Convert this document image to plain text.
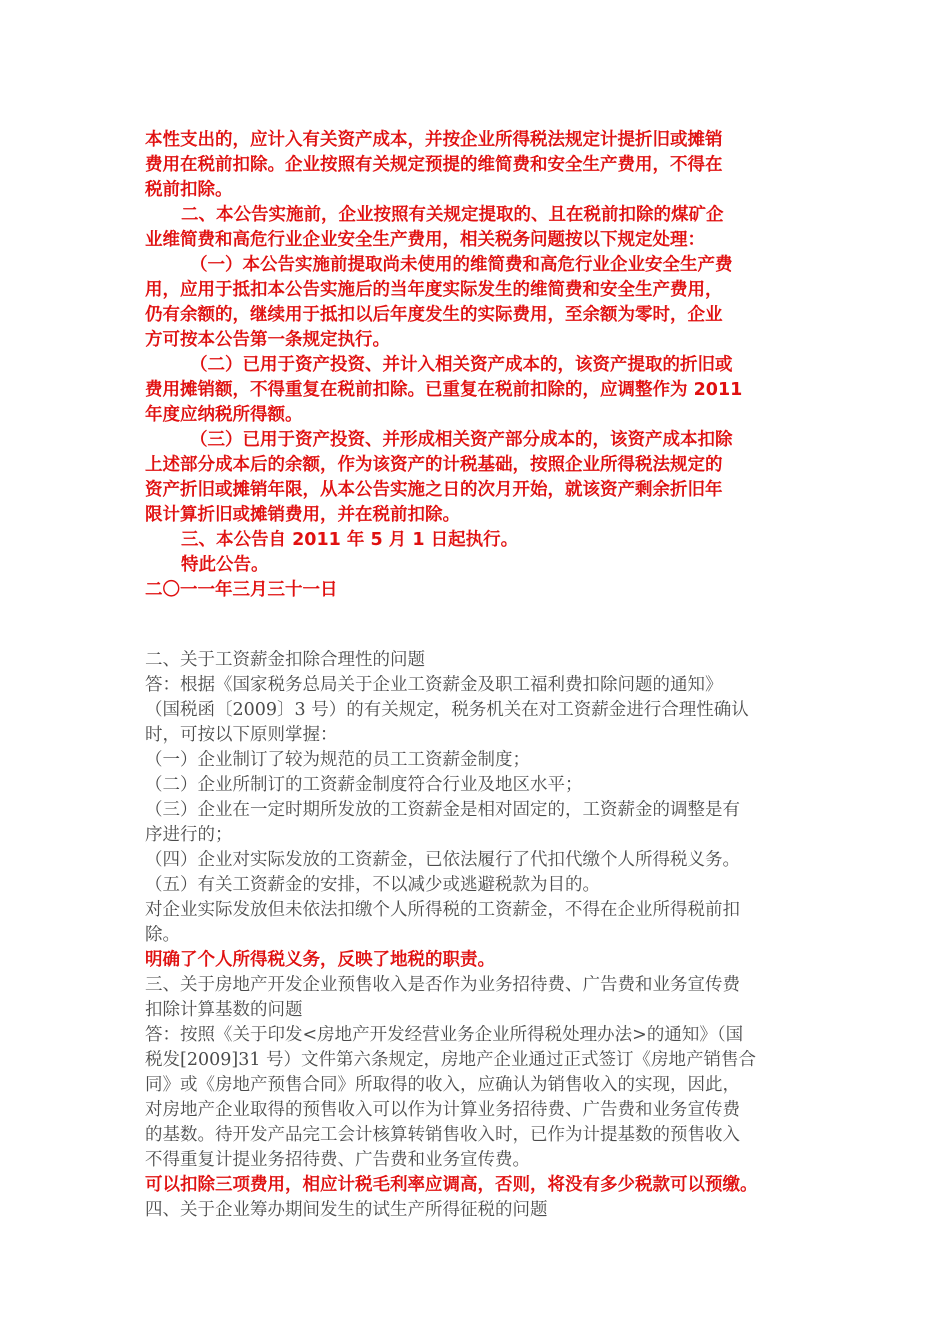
本性支出的，应计入有关资产成本，并按企业所得税法规定计提折旧或摊销
费用在税前扣除。企业按照有关规定预提的维简费和安全生产费用，不得在
税前扣除。
二、本公告实施前，企业按照有关规定提取的、且在税前扣除的煤矿企
业维简费和高危行业企业安全生产费用，相关税务问题按以下规定处理：
（一）本公告实施前提取尚未使用的维简费和高危行业企业安全生产费
用，应用于抵扣本公告实施后的当年度实际发生的维简费和安全生产费用，
仍有余额的，继续用于抵扣以后年度发生的实际费用，至余额为零时，企业
方可按本公告第一条规定执行。
（二）已用于资产投资、并计入相关资产成本的，该资产提取的折旧或
费用摊销额，不得重复在税前扣除。已重复在税前扣除的，应调整作为 2011
年度应纳税所得额。
（三）已用于资产投资、并形成相关资产部分成本的，该资产成本扣除
上述部分成本后的余额，作为该资产的计税基础，按照企业所得税法规定的
资产折旧或摊销年限，从本公告实施之日的次月开始，就该资产剩余折旧年
限计算折旧或摊销费用，并在税前扣除。
三、本公告自 2011 年 5 月 1 日起执行。
特此公告。
二〇一一年三月三十一日
二、关于工资薪金扣除合理性的问题
答：根据《国家税务总局关于企业工资薪金及职工福利费扣除问题的通知》
（国税函〔2009〕3 号）的有关规定，税务机关在对工资薪金进行合理性确认
时，可按以下原则掌握：
（一）企业制订了较为规范的员工工资薪金制度；
（二）企业所制订的工资薪金制度符合行业及地区水平；
（三）企业在一定时期所发放的工资薪金是相对固定的，工资薪金的调整是有
序进行的；
（四）企业对实际发放的工资薪金，已依法履行了代扣代缴个人所得税义务。
（五）有关工资薪金的安排，不以减少或逃避税款为目的。
对企业实际发放但未依法扣缴个人所得税的工资薪金，不得在企业所得税前扣
除。
明确了个人所得税义务，反映了地税的职责。
三、关于房地产开发企业预售收入是否作为业务招待费、广告费和业务宣传费
扣除计算基数的问题
答：按照《关于印发<房地产开发经营业务企业所得税处理办法>的通知》（国
税发[2009]31 号）文件第六条规定，房地产企业通过正式签订《房地产销售合
同》或《房地产预售合同》所取得的收入，应确认为销售收入的实现，因此，
对房地产企业取得的预售收入可以作为计算业务招待费、广告费和业务宣传费
的基数。待开发产品完工会计核算转销售收入时，已作为计提基数的预售收入
不得重复计提业务招待费、广告费和业务宣传费。
可以扣除三项费用，相应计税毛利率应调高，否则，将没有多少税款可以预缴。
四、关于企业筹办期间发生的试生产所得征税的问题
